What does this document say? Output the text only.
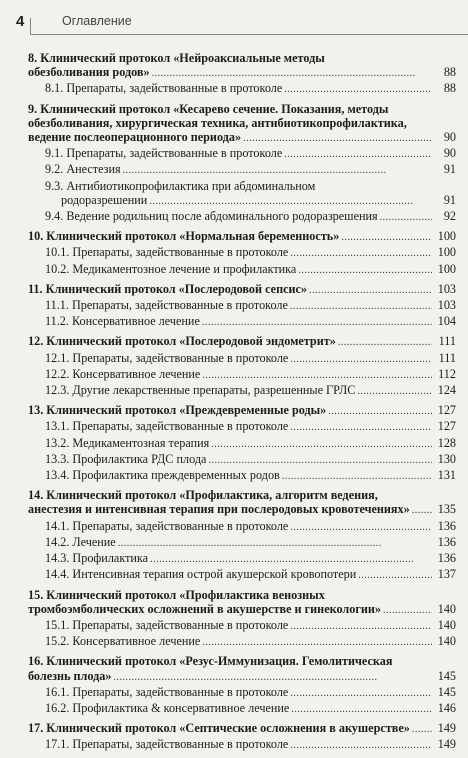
4	Оглавление
8. Клинический протокол «Нейроаксиальные методы
обезболивания родов» . . .	88
8.1. Препараты, задействованные в протоколе . . .	88
9. Клинический протокол «Кесарево сечение. Показания, методы
обезболивания, хирургическая техника, антибиотикопрофилактика,
ведение послеоперационного периода» . . .	90
9.1. Препараты, задействованные в протоколе . . .	90
9.2. Анестезия . . .	91
9.3. Антибиотикопрофилактика при абдоминальном
родоразрешении . . .	91
9.4. Ведение родильниц после абдоминального родоразрешения . . .	92
10. Клинический протокол «Нормальная беременность» . . .	100
10.1. Препараты, задействованные в протоколе . . .	100
10.2. Медикаментозное лечение и профилактика . . .	100
11. Клинический протокол «Послеродовой сепсис» . . .	103
11.1. Препараты, задействованные в протоколе . . .	103
11.2. Консервативное лечение . . .	104
12. Клинический протокол «Послеродовой эндометрит» . . .	111
12.1. Препараты, задействованные в протоколе . . .	111
12.2. Консервативное лечение . . .	112
12.3. Другие лекарственные препараты, разрешенные ГРЛС . . .	124
13. Клинический протокол «Преждевременные роды» . . .	127
13.1. Препараты, задействованные в протоколе . . .	127
13.2. Медикаментозная терапия . . .	128
13.3. Профилактика РДС плода . . .	130
13.4. Профилактика преждевременных родов . . .	131
14. Клинический протокол «Профилактика, алгоритм ведения,
анестезия и интенсивная терапия при послеродовых кровотечениях» . . .	135
14.1. Препараты, задействованные в протоколе . . .	136
14.2. Лечение . . .	136
14.3. Профилактика . . .	136
14.4. Интенсивная терапия острой акушерской кровопотери . . .	137
15. Клинический протокол «Профилактика венозных
тромбоэмболических осложнений в акушерстве и гинекологии» . . .	140
15.1. Препараты, задействованные в протоколе . . .	140
15.2. Консервативное лечение . . .	140
16. Клинический протокол «Резус-Иммунизация. Гемолитическая
болезнь плода» . . .	145
16.1. Препараты, задействованные в протоколе . . .	145
16.2. Профилактика & консервативное лечение . . .	146
17. Клинический протокол «Септические осложнения в акушерстве» . . .	149
17.1. Препараты, задействованные в протоколе . . .	149
